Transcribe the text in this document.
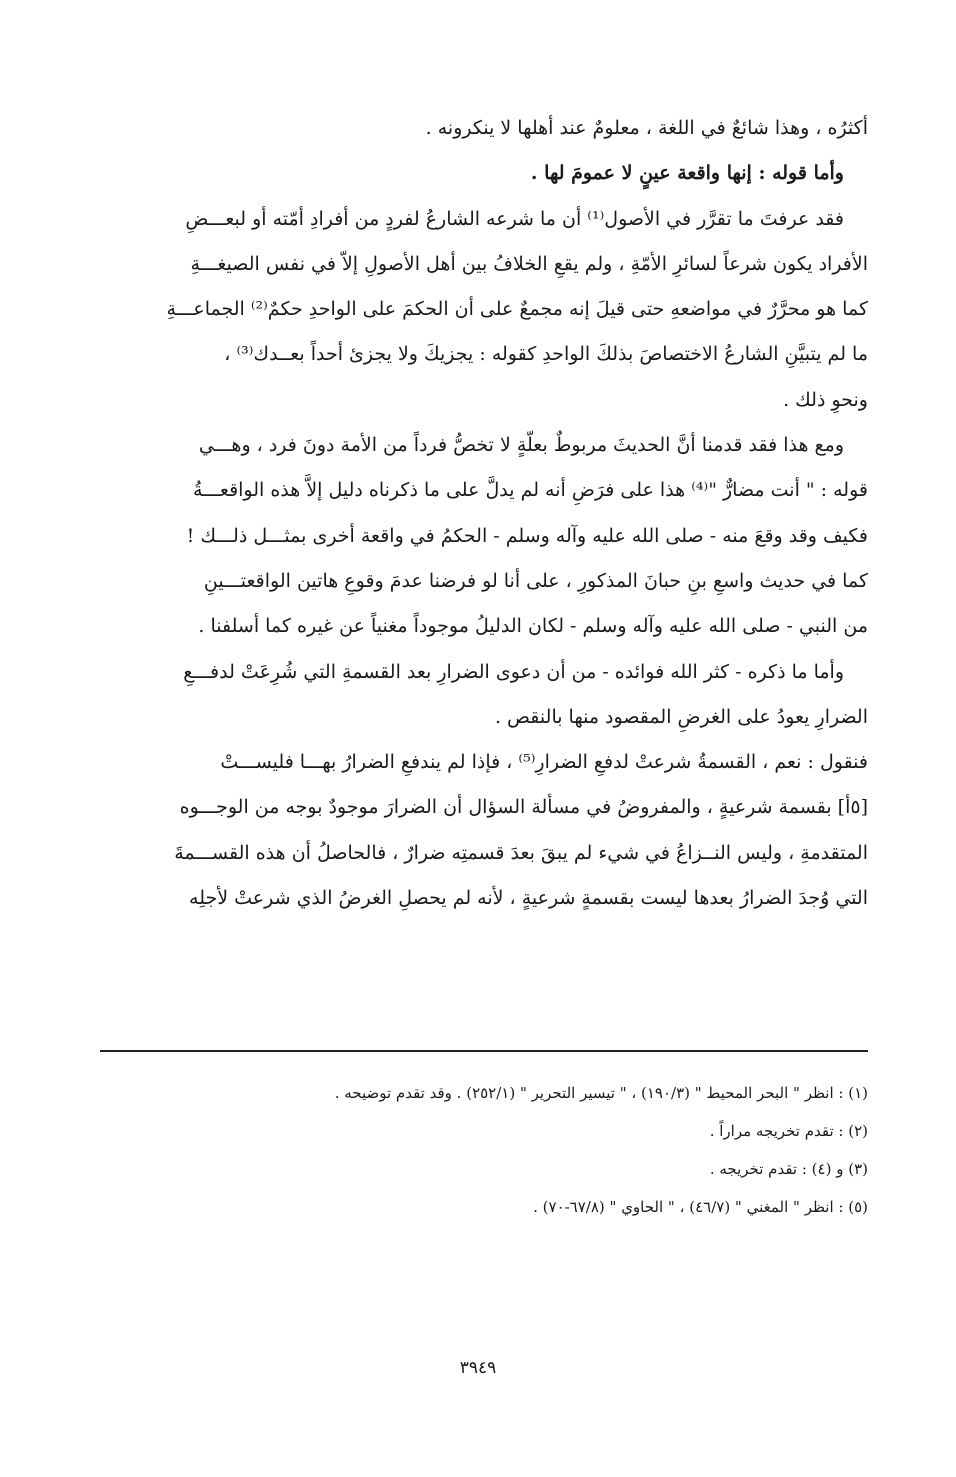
أكثرُه ، وهذا شائعٌ في اللغة ، معلومٌ عند أهلها لا ينكرونه .
وأما قوله : إنها واقعة عينٍ لا عمومَ لها .
فقد عرفتَ ما تقرَّر في الأصول⁽¹⁾ أن ما شرعه الشارعُ لفردٍ من أفرادِ أمّته أو لبعـــضِ
الأفراد يكون شرعاً لسائرِ الأمّةِ ، ولم يقعِ الخلافُ بين أهل الأصولِ إلاّ في نفس الصيغـــةِ
كما هو محرَّرٌ في مواضعهِ حتى قيلَ إنه مجمعٌ على أن الحكمَ على الواحدِ حكمٌ⁽²⁾ الجماعـــةِ
ما لم يتبيَّنِ الشارعُ الاختصاصَ بذلكَ الواحدِ كقوله : يجزيكَ ولا يجزئ أحداً بعــدك⁽³⁾ ،
ونحوِ ذلك .
ومع هذا فقد قدمنا أنَّ الحديثَ مربوطٌ بعلّةٍ لا تخصُّ فرداً من الأمة دونَ فرد ، وهـــي
قوله : " أنت مضارٌّ "⁽⁴⁾ هذا على فرَضِ أنه لم يدلَّ على ما ذكرناه دليل إلاَّ هذه الواقعـــةُ
فكيف وقد وقعَ منه - صلى الله عليه وآله وسلم - الحكمُ في واقعة أخرى بمثـــل ذلـــك !
كما في حديث واسعِ بنِ حبانَ المذكورِ ، على أنا لو فرضنا عدمَ وقوعِ هاتين الواقعتـــينِ
من النبي - صلى الله عليه وآله وسلم - لكان الدليلُ موجوداً مغنياً عن غيره كما أسلفنا .
وأما ما ذكره - كثر الله فوائده - من أن دعوى الضرارِ بعد القسمةِ التي شُرِعَتْ لدفـــعِ
الضرارِ يعودُ على الغرضِ المقصود منها بالنقص .
فنقول : نعم ، القسمةُ شرعتْ لدفعِ الضرارِ⁽⁵⁾ ، فإذا لم يندفعِ الضرارُ بهـــا فليســـتْ
[٥أ] بقسمة شرعيةٍ ، والمفروضُ في مسألة السؤال أن الضرارَ موجودٌ بوجه من الوجـــوه
المتقدمةِ ، وليس النــزاعُ في شيء لم يبقَ بعدَ قسمتِه ضرارٌ ، فالحاصلُ أن هذه القســـمةَ
التي وُجدَ الضرارُ بعدها ليست بقسمةٍ شرعيةٍ ، لأنه لم يحصلِ الغرضُ الذي شرعتْ لأجلِه
(١) : انظر " البحر المحيط " (١٩٠/٣) ، " تيسير التحرير " (٢٥٢/١) . وقد تقدم توضيحه .
(٢) : تقدم تخريجه مراراً .
(٣) و (٤) : تقدم تخريجه .
(٥) : انظر " المغني " (٤٦/٧) ، " الحاوي " (٦٧/٨-٧٠) .
٣٩٤٩
